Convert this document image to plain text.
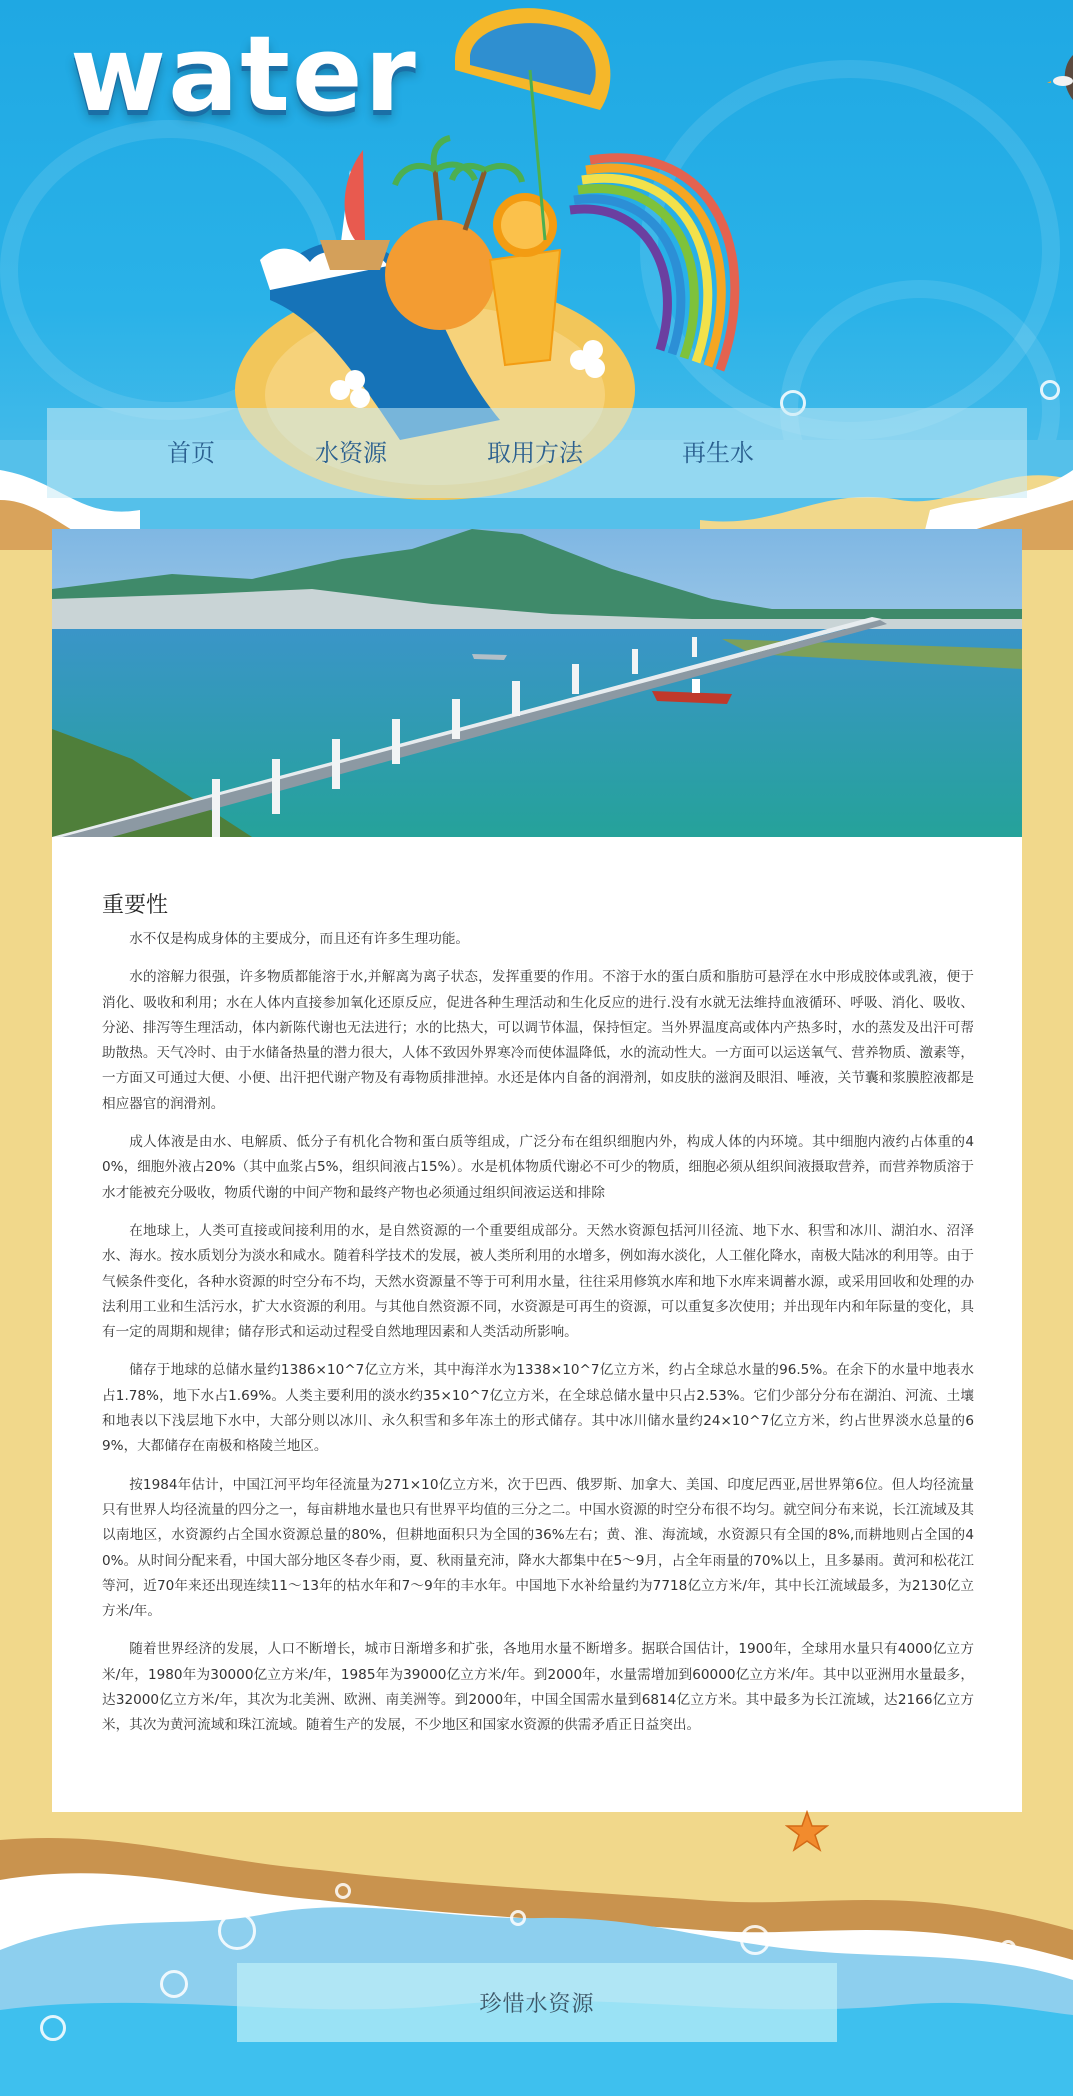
water
首页	水资源	取用方法	再生水
重要性

水不仅是构成身体的主要成分，而且还有许多生理功能。

水的溶解力很强，许多物质都能溶于水,并解离为离子状态，发挥重要的作用。不溶于水的蛋白质和脂肪可悬浮在水中形成胶体或乳液，便于消化、吸收和利用；水在人体内直接参加氧化还原反应，促进各种生理活动和生化反应的进行.没有水就无法维持血液循环、呼吸、消化、吸收、分泌、排泻等生理活动，体内新陈代谢也无法进行；水的比热大，可以调节体温，保持恒定。当外界温度高或体内产热多时，水的蒸发及出汗可帮助散热。天气冷时、由于水储备热量的潜力很大，人体不致因外界寒冷而使体温降低，水的流动性大。一方面可以运送氧气、营养物质、激素等，一方面又可通过大便、小便、出汗把代谢产物及有毒物质排泄掉。水还是体内自备的润滑剂，如皮肤的滋润及眼泪、唾液，关节囊和浆膜腔液都是相应器官的润滑剂。

成人体液是由水、电解质、低分子有机化合物和蛋白质等组成，广泛分布在组织细胞内外，构成人体的内环境。其中细胞内液约占体重的40%，细胞外液占20%（其中血浆占5%，组织间液占15%）。水是机体物质代谢必不可少的物质，细胞必须从组织间液摄取营养，而营养物质溶于水才能被充分吸收，物质代谢的中间产物和最终产物也必须通过组织间液运送和排除

在地球上，人类可直接或间接利用的水，是自然资源的一个重要组成部分。天然水资源包括河川径流、地下水、积雪和冰川、湖泊水、沼泽水、海水。按水质划分为淡水和咸水。随着科学技术的发展，被人类所利用的水增多，例如海水淡化，人工催化降水，南极大陆冰的利用等。由于气候条件变化，各种水资源的时空分布不均，天然水资源量不等于可利用水量，往往采用修筑水库和地下水库来调蓄水源，或采用回收和处理的办法利用工业和生活污水，扩大水资源的利用。与其他自然资源不同，水资源是可再生的资源，可以重复多次使用；并出现年内和年际量的变化，具有一定的周期和规律；储存形式和运动过程受自然地理因素和人类活动所影响。

储存于地球的总储水量约1386×10^7亿立方米，其中海洋水为1338×10^7亿立方米，约占全球总水量的96.5%。在余下的水量中地表水占1.78%，地下水占1.69%。人类主要利用的淡水约35×10^7亿立方米，在全球总储水量中只占2.53%。它们少部分分布在湖泊、河流、土壤和地表以下浅层地下水中，大部分则以冰川、永久积雪和多年冻土的形式储存。其中冰川储水量约24×10^7亿立方米，约占世界淡水总量的69%，大都储存在南极和格陵兰地区。

按1984年估计，中国江河平均年径流量为271×10亿立方米，次于巴西、俄罗斯、加拿大、美国、印度尼西亚,居世界第6位。但人均径流量只有世界人均径流量的四分之一，每亩耕地水量也只有世界平均值的三分之二。中国水资源的时空分布很不均匀。就空间分布来说，长江流域及其以南地区，水资源约占全国水资源总量的80%，但耕地面积只为全国的36%左右；黄、淮、海流域，水资源只有全国的8%,而耕地则占全国的40%。从时间分配来看，中国大部分地区冬春少雨，夏、秋雨量充沛，降水大都集中在5～9月，占全年雨量的70%以上，且多暴雨。黄河和松花江等河，近70年来还出现连续11～13年的枯水年和7～9年的丰水年。中国地下水补给量约为7718亿立方米/年，其中长江流域最多，为2130亿立方米/年。

随着世界经济的发展，人口不断增长，城市日渐增多和扩张，各地用水量不断增多。据联合国估计，1900年，全球用水量只有4000亿立方米/年，1980年为30000亿立方米/年，1985年为39000亿立方米/年。到2000年，水量需增加到60000亿立方米/年。其中以亚洲用水量最多，达32000亿立方米/年，其次为北美洲、欧洲、南美洲等。到2000年，中国全国需水量到6814亿立方米。其中最多为长江流域，达2166亿立方米，其次为黄河流域和珠江流域。随着生产的发展，不少地区和国家水资源的供需矛盾正日益突出。

珍惜水资源
